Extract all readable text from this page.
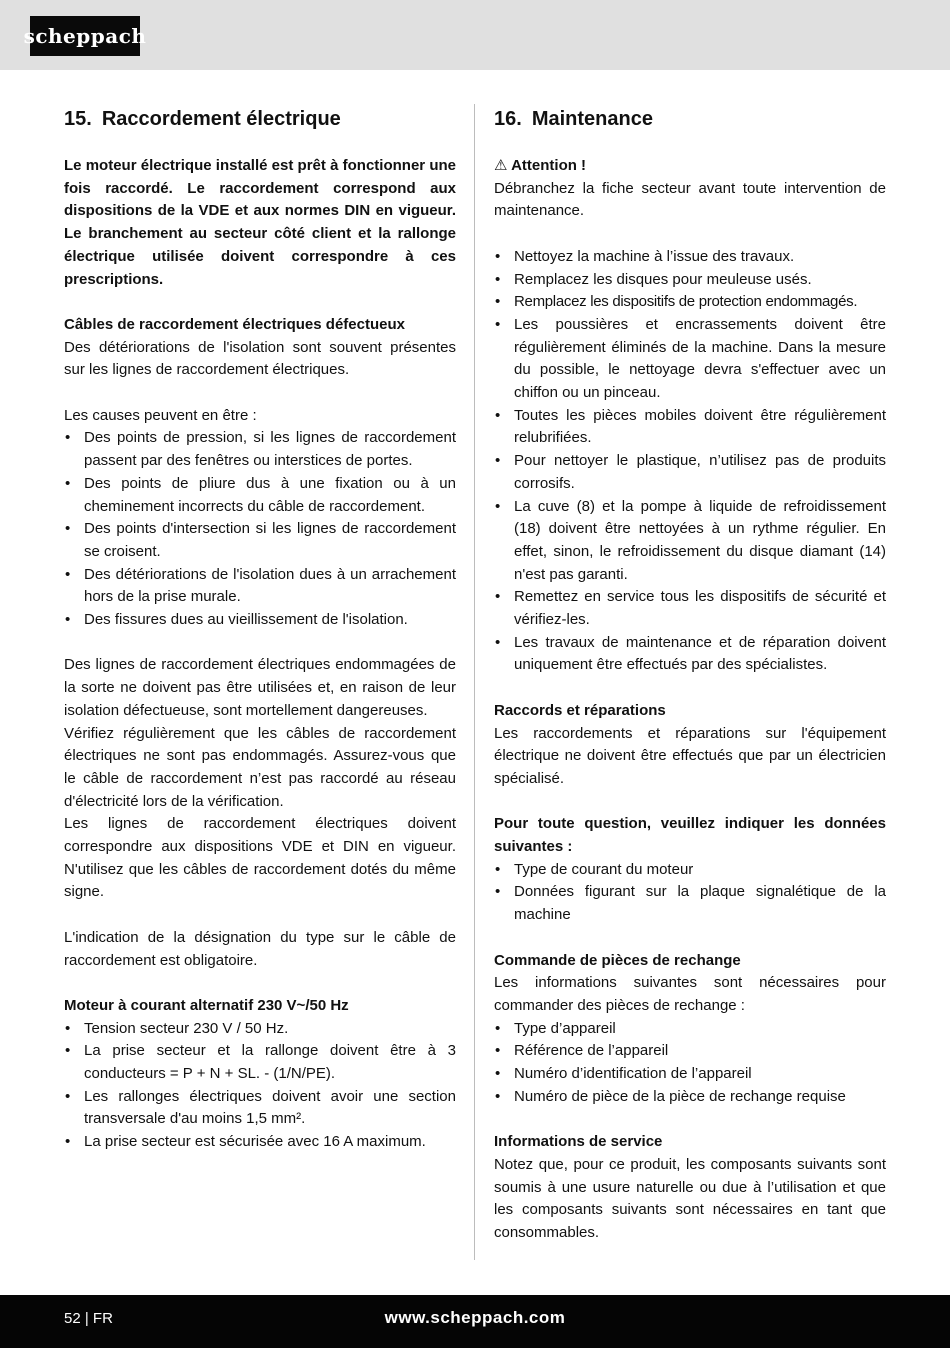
scheppach
15. Raccordement électrique

Le moteur électrique installé est prêt à fonctionner une fois raccordé. Le raccordement correspond aux dispositions de la VDE et aux normes DIN en vigueur. Le branchement au secteur côté client et la rallonge électrique utilisée doivent correspondre à ces prescriptions.

Câbles de raccordement électriques défectueux

Des détériorations de l'isolation sont souvent présentes sur les lignes de raccordement électriques.

Les causes peuvent en être :

• Des points de pression, si les lignes de raccordement passent par des fenêtres ou interstices de portes.
• Des points de pliure dus à une fixation ou à un cheminement incorrects du câble de raccordement.
• Des points d'intersection si les lignes de raccordement se croisent.
• Des détériorations de l'isolation dues à un arrachement hors de la prise murale.
• Des fissures dues au vieillissement de l'isolation.

Des lignes de raccordement électriques endommagées de la sorte ne doivent pas être utilisées et, en raison de leur isolation défectueuse, sont mortellement dangereuses.

Vérifiez régulièrement que les câbles de raccordement électriques ne sont pas endommagés. Assurez-vous que le câble de raccordement n’est pas raccordé au réseau d'électricité lors de la vérification.

Les lignes de raccordement électriques doivent correspondre aux dispositions VDE et DIN en vigueur. N'utilisez que les câbles de raccordement dotés du même signe.

L'indication de la désignation du type sur le câble de raccordement est obligatoire.

Moteur à courant alternatif 230 V~/50 Hz

• Tension secteur 230 V / 50 Hz.
• La prise secteur et la rallonge doivent être à 3 conducteurs = P + N + SL. - (1/N/PE).
• Les rallonges électriques doivent avoir une section transversale d'au moins 1,5 mm².
• La prise secteur est sécurisée avec 16 A maximum.
16. Maintenance

⚠ Attention !

Débranchez la fiche secteur avant toute intervention de maintenance.

• Nettoyez la machine à l’issue des travaux.
• Remplacez les disques pour meuleuse usés.
• Remplacez les dispositifs de protection endommagés.
• Les poussières et encrassements doivent être régulièrement éliminés de la machine. Dans la mesure du possible, le nettoyage devra s'effectuer avec un chiffon ou un pinceau.
• Toutes les pièces mobiles doivent être régulièrement relubrifiées.
• Pour nettoyer le plastique, n’utilisez pas de produits corrosifs.
• La cuve (8) et la pompe à liquide de refroidissement (18) doivent être nettoyées à un rythme régulier. En effet, sinon, le refroidissement du disque diamant (14) n'est pas garanti.
• Remettez en service tous les dispositifs de sécurité et vérifiez-les.
• Les travaux de maintenance et de réparation doivent uniquement être effectués par des spécialistes.

Raccords et réparations

Les raccordements et réparations sur l'équipement électrique ne doivent être effectués que par un électricien spécialisé.

Pour toute question, veuillez indiquer les données suivantes :

• Type de courant du moteur
• Données figurant sur la plaque signalétique de la machine

Commande de pièces de rechange

Les informations suivantes sont nécessaires pour commander des pièces de rechange :

• Type d’appareil
• Référence de l’appareil
• Numéro d’identification de l’appareil
• Numéro de pièce de la pièce de rechange requise

Informations de service

Notez que, pour ce produit, les composants suivants sont soumis à une usure naturelle ou due à l’utilisation et que les composants suivants sont nécessaires en tant que consommables.

52 | FR	www.scheppach.com
